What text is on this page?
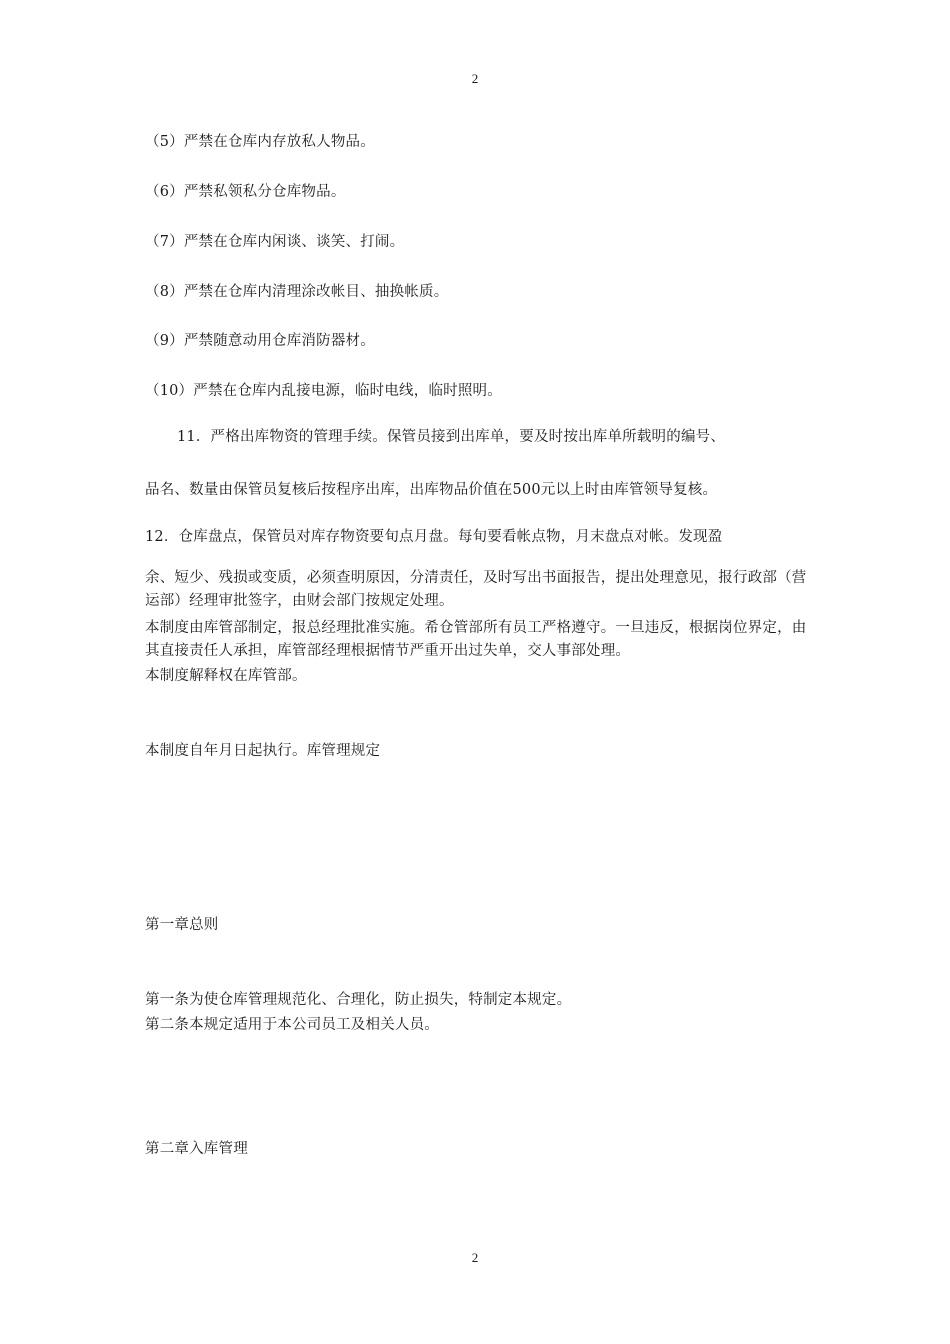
2
（5）严禁在仓库内存放私人物品。
（6）严禁私领私分仓库物品。
（7）严禁在仓库内闲谈、谈笑、打闹。
（8）严禁在仓库内清理涂改帐目、抽换帐质。
（9）严禁随意动用仓库消防器材。
（10）严禁在仓库内乱接电源，临时电线，临时照明。
11．严格出库物资的管理手续。保管员接到出库单，要及时按出库单所载明的编号、
品名、数量由保管员复核后按程序出库，出库物品价值在500元以上时由库管领导复核。
12．仓库盘点，保管员对库存物资要旬点月盘。每旬要看帐点物，月末盘点对帐。发现盈
余、短少、残损或变质，必须查明原因，分清责任，及时写出书面报告，提出处理意见，报行政部（营运部）经理审批签字，由财会部门按规定处理。
本制度由库管部制定，报总经理批准实施。希仓管部所有员工严格遵守。一旦违反，根据岗位界定，由其直接责任人承担，库管部经理根据情节严重开出过失单，交人事部处理。
本制度解释权在库管部。
本制度自年月日起执行。库管理规定
第一章总则
第一条为使仓库管理规范化、合理化，防止损失，特制定本规定。
第二条本规定适用于本公司员工及相关人员。
第二章入库管理
2
